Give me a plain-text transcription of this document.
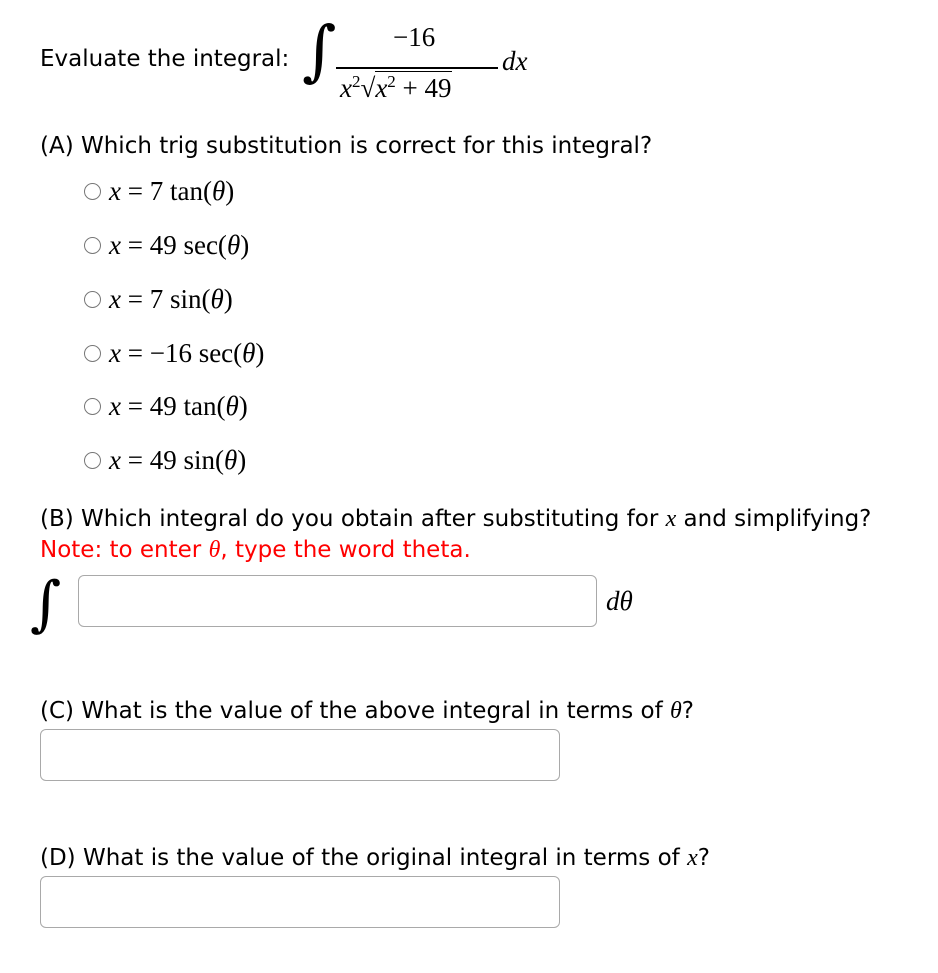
Evaluate the integral: ∫ −16
$x^2√x^2 + 49$
dx
(A) Which trig substitution is correct for this integral?
x = 7 tan(θ)
x = 49 sec(θ)
x = 7 sin(θ)
x = −16 sec(θ)
x = 49 tan(θ)
x = 49 sin(θ)
(B) Which integral do you obtain after substituting for x and simplifying?
Note: to enter θ, type the word theta.
∫	dθ
(C) What is the value of the above integral in terms of θ?
(D) What is the value of the original integral in terms of x?
